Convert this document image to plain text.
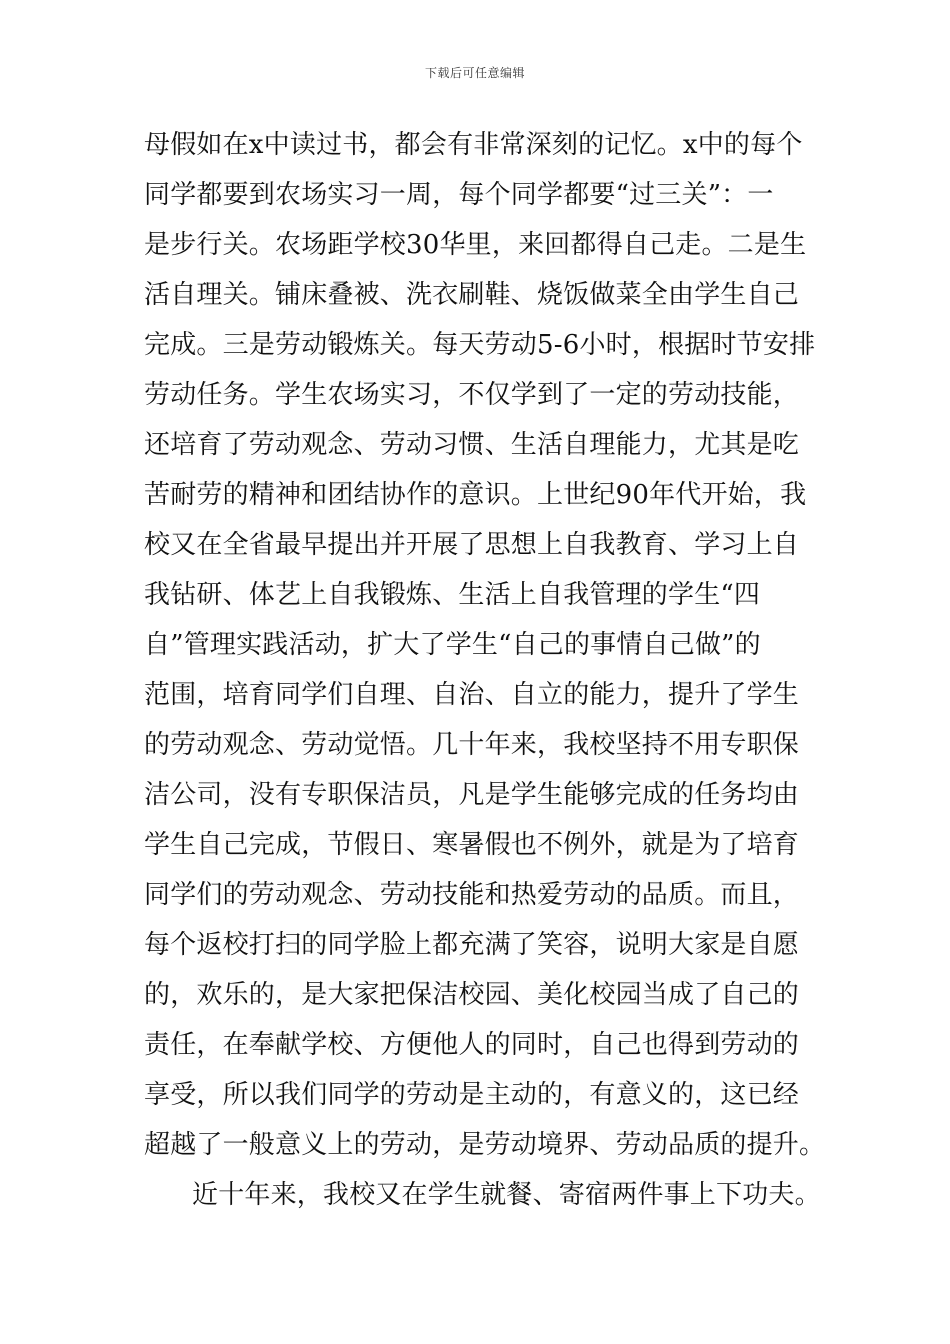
下载后可任意编辑
母假如在x中读过书，都会有非常深刻的记忆。x中的每个
同学都要到农场实习一周，每个同学都要“过三关”：一
是步行关。农场距学校30华里，来回都得自己走。二是生
活自理关。铺床叠被、洗衣刷鞋、烧饭做菜全由学生自己
完成。三是劳动锻炼关。每天劳动5-6小时，根据时节安排
劳动任务。学生农场实习，不仅学到了一定的劳动技能，
还培育了劳动观念、劳动习惯、生活自理能力，尤其是吃
苦耐劳的精神和团结协作的意识。上世纪90年代开始，我
校又在全省最早提出并开展了思想上自我教育、学习上自
我钻研、体艺上自我锻炼、生活上自我管理的学生“四
自”管理实践活动，扩大了学生“自己的事情自己做”的
范围，培育同学们自理、自治、自立的能力，提升了学生
的劳动观念、劳动觉悟。几十年来，我校坚持不用专职保
洁公司，没有专职保洁员，凡是学生能够完成的任务均由
学生自己完成，节假日、寒暑假也不例外，就是为了培育
同学们的劳动观念、劳动技能和热爱劳动的品质。而且，
每个返校打扫的同学脸上都充满了笑容，说明大家是自愿
的，欢乐的，是大家把保洁校园、美化校园当成了自己的
责任，在奉献学校、方便他人的同时，自己也得到劳动的
享受，所以我们同学的劳动是主动的，有意义的，这已经
超越了一般意义上的劳动，是劳动境界、劳动品质的提升。
近十年来，我校又在学生就餐、寄宿两件事上下功夫。
